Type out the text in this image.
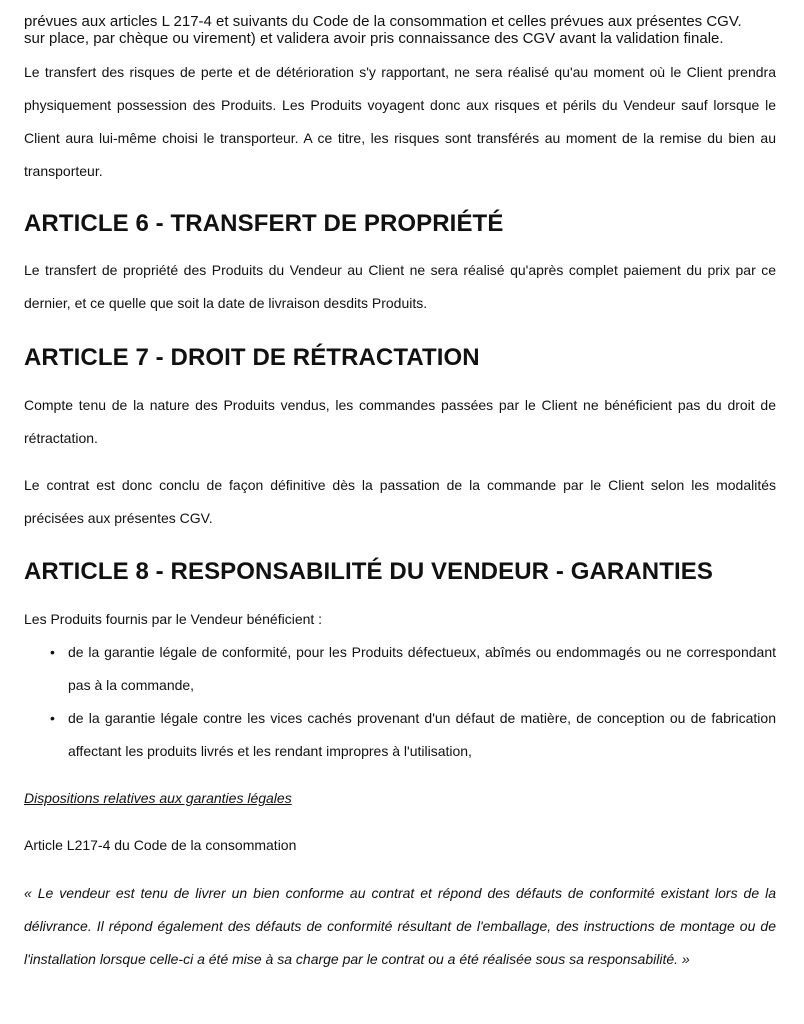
prévues aux articles L 217-4 et suivants du Code de la consommation et celles prévues aux présentes CGV.
sur place, par chèque ou virement) et validera avoir pris connaissance des CGV avant la validation finale.

Le transfert des risques de perte et de détérioration s'y rapportant, ne sera réalisé qu'au moment où le Client prendra physiquement possession des Produits. Les Produits voyagent donc aux risques et périls du Vendeur sauf lorsque le Client aura lui-même choisi le transporteur. A ce titre, les risques sont transférés au moment de la remise du bien au transporteur.

ARTICLE 6 - TRANSFERT DE PROPRIÉTÉ

Le transfert de propriété des Produits du Vendeur au Client ne sera réalisé qu'après complet paiement du prix par ce dernier, et ce quelle que soit la date de livraison desdits Produits.

ARTICLE 7 - DROIT DE RÉTRACTATION

Compte tenu de la nature des Produits vendus, les commandes passées par le Client ne bénéficient pas du droit de rétractation.

Le contrat est donc conclu de façon définitive dès la passation de la commande par le Client selon les modalités précisées aux présentes CGV.

ARTICLE 8 - RESPONSABILITÉ DU VENDEUR - GARANTIES

Les Produits fournis par le Vendeur bénéficient :

• de la garantie légale de conformité, pour les Produits défectueux, abîmés ou endommagés ou ne correspondant pas à la commande,
• de la garantie légale contre les vices cachés provenant d'un défaut de matière, de conception ou de fabrication affectant les produits livrés et les rendant impropres à l'utilisation,

Dispositions relatives aux garanties légales

Article L217-4 du Code de la consommation

« Le vendeur est tenu de livrer un bien conforme au contrat et répond des défauts de conformité existant lors de la délivrance. Il répond également des défauts de conformité résultant de l'emballage, des instructions de montage ou de l'installation lorsque celle-ci a été mise à sa charge par le contrat ou a été réalisée sous sa responsabilité. »
